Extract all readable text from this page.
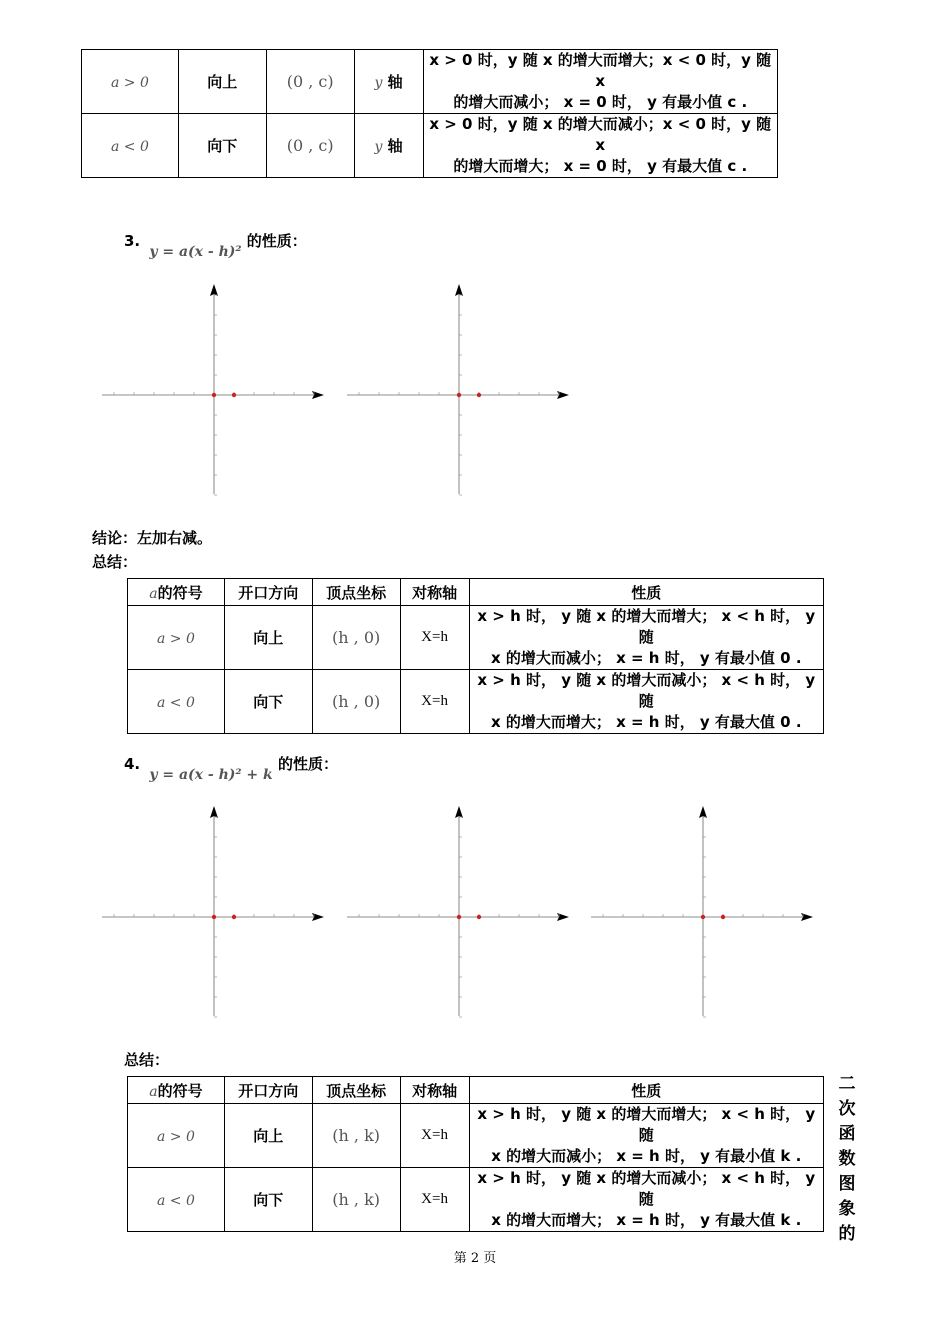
a > 0	向上	(0 , c)	y 轴	x > 0 时，y 随 x 的增大而增大；x < 0 时，y 随 x
的增大而减小； x = 0 时， y 有最小值 c .

a < 0	向下	(0 , c)	y 轴	x > 0 时，y 随 x 的增大而减小；x < 0 时，y 随 x
的增大而增大； x = 0 时， y 有最大值 c .
3. y = a(x - h)² 的性质：
结论：左加右减。
总结：
a的符号	开口方向	顶点坐标	对称轴	性质
a > 0	向上	(h , 0)	X=h	x > h 时， y 随 x 的增大而增大； x < h 时， y 随
x 的增大而减小； x = h 时， y 有最小值 0 .

a < 0	向下	(h , 0)	X=h	x > h 时， y 随 x 的增大而减小； x < h 时， y 随
x 的增大而增大； x = h 时， y 有最大值 0 .
4. y = a(x - h)² + k 的性质：
总结：
a的符号	开口方向	顶点坐标	对称轴	性质
a > 0	向上	(h , k)	X=h	x > h 时， y 随 x 的增大而增大； x < h 时， y 随
x 的增大而减小； x = h 时， y 有最小值 k .

a < 0	向下	(h , k)	X=h	x > h 时， y 随 x 的增大而减小； x < h 时， y 随
x 的增大而增大； x = h 时， y 有最大值 k .
二
次
函
数
图
象
的
第 2 页
